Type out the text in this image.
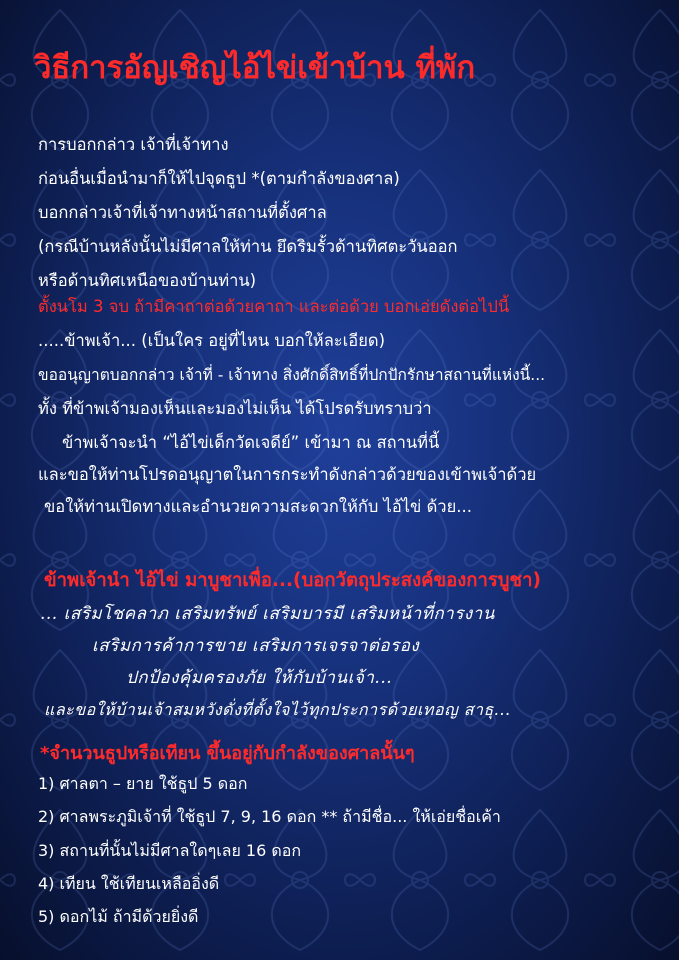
วิธีการอัญเชิญไอ้ไข่เข้าบ้าน ที่พัก
การบอกกล่าว เจ้าที่เจ้าทาง
ก่อนอื่นเมื่อนำมาก็ให้ไปจุดธูป *(ตามกำลังของศาล)
บอกกล่าวเจ้าที่เจ้าทางหน้าสถานที่ตั้งศาล
(กรณีบ้านหลังนั้นไม่มีศาลให้ท่าน ยึดริมรั้วด้านทิศตะวันออก
หรือด้านทิศเหนือของบ้านท่าน)
ตั้งนโม 3 จบ ถ้ามีคาถาต่อด้วยคาถา และต่อด้วย บอกเอ่ยดังต่อไปนี้
.....ข้าพเจ้า... (เป็นใคร อยู่ที่ไหน บอกให้ละเอียด)
ขออนุญาตบอกกล่าว เจ้าที่ - เจ้าทาง สิ่งศักดิ์สิทธิ์ที่ปกปักรักษาสถานที่แห่งนี้...
ทั้ง ที่ข้าพเจ้ามองเห็นและมองไม่เห็น ได้โปรดรับทราบว่า
ข้าพเจ้าจะนำ “ไอ้ไข่เด็กวัดเจดีย์” เข้ามา ณ สถานที่นี้
และขอให้ท่านโปรดอนุญาตในการกระทำดังกล่าวด้วยของเข้าพเจ้าด้วย
ขอให้ท่านเปิดทางและอำนวยความสะดวกให้กับ ไอ้ไข่ ด้วย...
ข้าพเจ้านำ ไอ้ไข่ มาบูชาเพื่อ...(บอกวัตถุประสงค์ของการบูชา)
... เสริมโชคลาภ เสริมทรัพย์ เสริมบารมี เสริมหน้าที่การงาน
เสริมการค้าการขาย เสริมการเจรจาต่อรอง
ปกป้องคุ้มครองภัย ให้กับบ้านเจ้า...
และขอให้บ้านเจ้าสมหวังดั่งที่ตั้งใจไว้ทุกประการด้วยเทอญ สาธุ...
*จำนวนธูปหรือเทียน ขึ้นอยู่กับกำลังของศาลนั้นๆ
1) ศาลตา – ยาย ใช้ธูป 5 ดอก
2) ศาลพระภูมิเจ้าที่ ใช้ธูป 7, 9, 16 ดอก ** ถ้ามีชื่อ... ให้เอ่ยชื่อเค้า
3) สถานที่นั้นไม่มีศาลใดๆเลย 16 ดอก
4) เทียน ใช้เทียนเหลืออิ่งดี
5) ดอกไม้ ถ้ามีด้วยยิ่งดี
